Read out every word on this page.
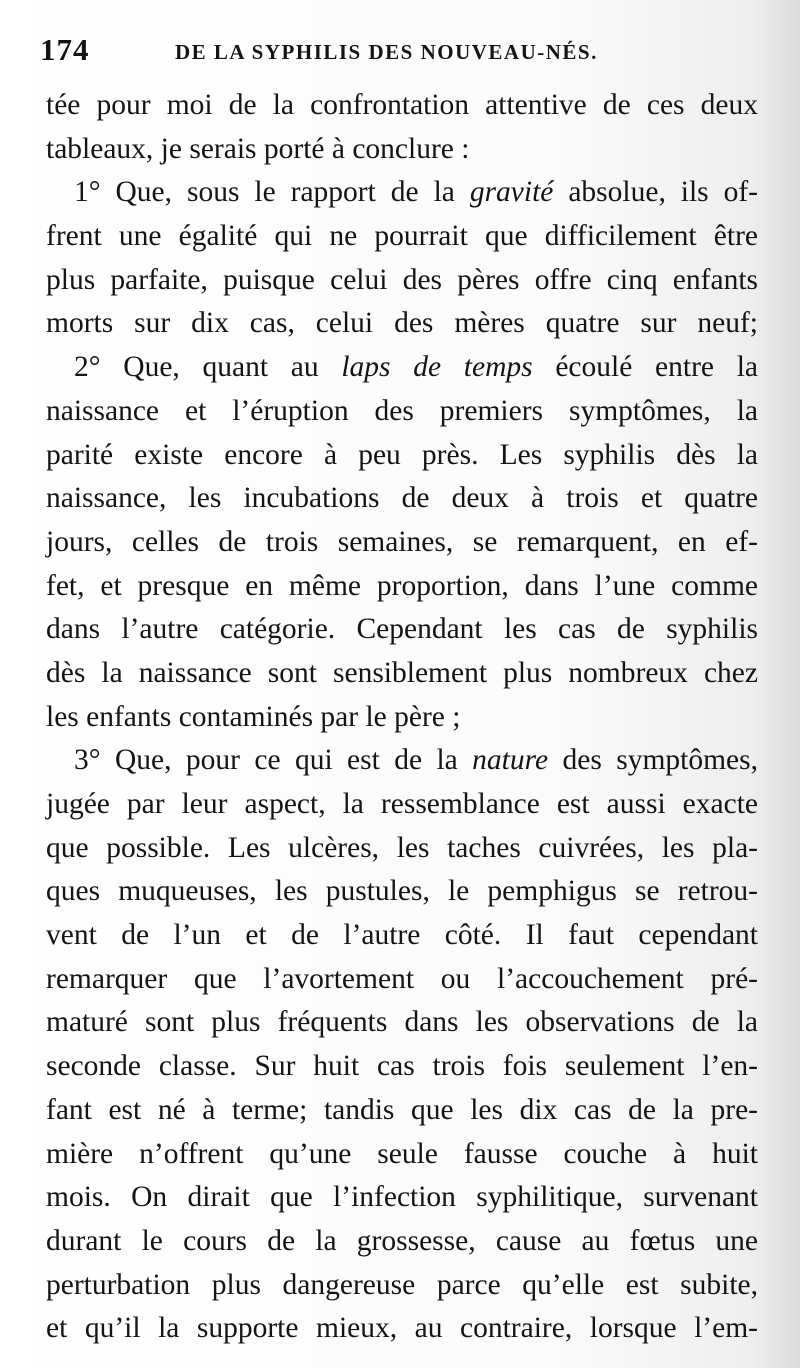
174	DE LA SYPHILIS DES NOUVEAU-NÉS.
tée pour moi de la confrontation attentive de ces deux
tableaux, je serais porté à conclure :
1° Que, sous le rapport de la gravité absolue, ils of-
frent une égalité qui ne pourrait que difficilement être
plus parfaite, puisque celui des pères offre cinq enfants
morts sur dix cas, celui des mères quatre sur neuf;
2° Que, quant au laps de temps écoulé entre la
naissance et l’éruption des premiers symptômes, la
parité existe encore à peu près. Les syphilis dès la
naissance, les incubations de deux à trois et quatre
jours, celles de trois semaines, se remarquent, en ef-
fet, et presque en même proportion, dans l’une comme
dans l’autre catégorie. Cependant les cas de syphilis
dès la naissance sont sensiblement plus nombreux chez
les enfants contaminés par le père ;
3° Que, pour ce qui est de la nature des symptômes,
jugée par leur aspect, la ressemblance est aussi exacte
que possible. Les ulcères, les taches cuivrées, les pla-
ques muqueuses, les pustules, le pemphigus se retrou-
vent de l’un et de l’autre côté. Il faut cependant
remarquer que l’avortement ou l’accouchement pré-
maturé sont plus fréquents dans les observations de la
seconde classe. Sur huit cas trois fois seulement l’en-
fant est né à terme; tandis que les dix cas de la pre-
mière n’offrent qu’une seule fausse couche à huit
mois. On dirait que l’infection syphilitique, survenant
durant le cours de la grossesse, cause au fœtus une
perturbation plus dangereuse parce qu’elle est subite,
et qu’il la supporte mieux, au contraire, lorsque l’em-
